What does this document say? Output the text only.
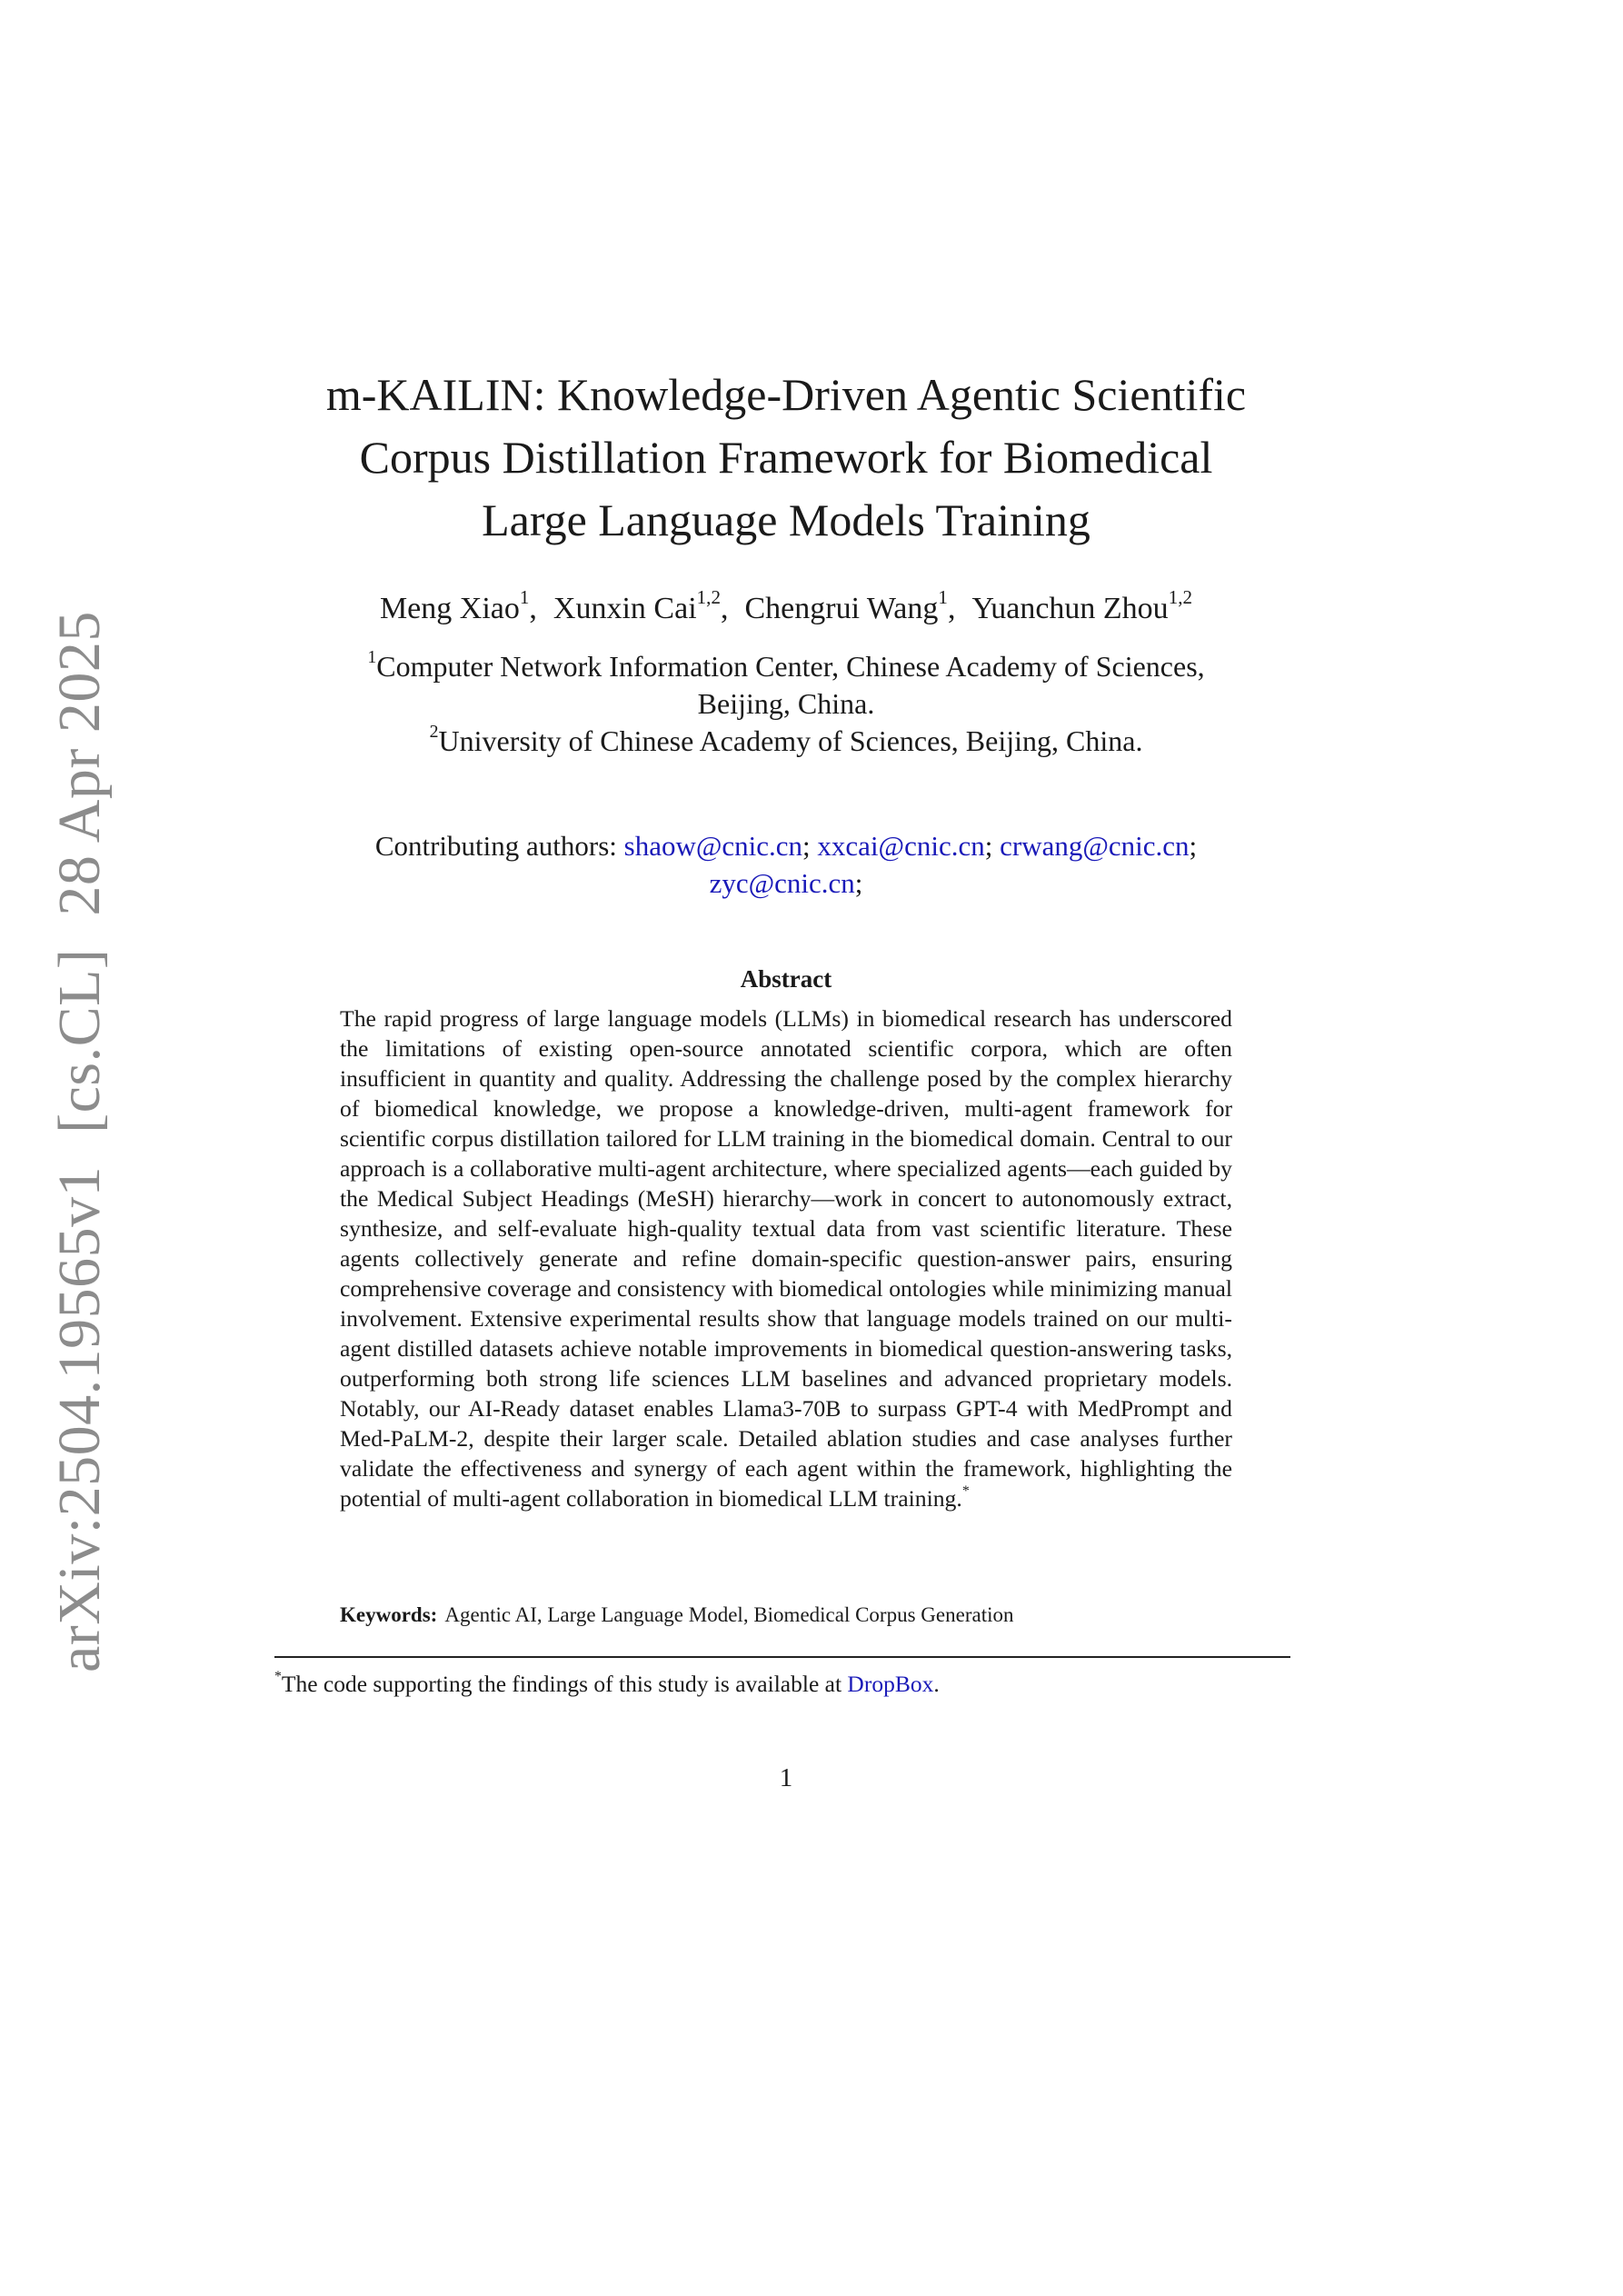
arXiv:2504.19565v1[cs.CL]28 Apr 2025
m-KAILIN: Knowledge-Driven Agentic Scientific
Corpus Distillation Framework for Biomedical
Large Language Models Training
Meng Xiao$^1$, Xunxin Cai$^{1,2}$, Chengrui Wang$^1$, Yuanchun Zhou$^{1,2}$
$^1$Computer Network Information Center, Chinese Academy of Sciences,
Beijing, China.
$^2$University of Chinese Academy of Sciences, Beijing, China.
Contributing authors: shaow@cnic.cn; xxcai@cnic.cn; crwang@cnic.cn;
zyc@cnic.cn;
Abstract
The rapid progress of large language models (LLMs) in biomedical research has underscored the limitations of existing open-source annotated scientific corpora, which are often insufficient in quantity and quality. Addressing the challenge posed by the complex hierarchy of biomedical knowledge, we propose a knowledge-driven, multi-agent framework for scientific corpus distillation tailored for LLM training in the biomedical domain. Central to our approach is a collaborative multi-agent architecture, where specialized agents—each guided by the Medical Subject Headings (MeSH) hierarchy—work in concert to autonomously extract, synthesize, and self-evaluate high-quality textual data from vast scientific literature. These agents collectively generate and refine domain-specific question-answer pairs, ensuring comprehensive coverage and consistency with biomedical ontologies while minimizing manual involvement. Extensive experimental results show that language models trained on our multi-agent distilled datasets achieve notable improvements in biomedical question-answering tasks, outperforming both strong life sciences LLM baselines and advanced proprietary models. Notably, our AI-Ready dataset enables Llama3-70B to surpass GPT-4 with MedPrompt and Med-PaLM-2, despite their larger scale. Detailed ablation studies and case analyses further validate the effectiveness and synergy of each agent within the framework, highlighting the potential of multi-agent collaboration in biomedical LLM training.*
Keywords: Agentic AI, Large Language Model, Biomedical Corpus Generation
*The code supporting the findings of this study is available at DropBox.
1
